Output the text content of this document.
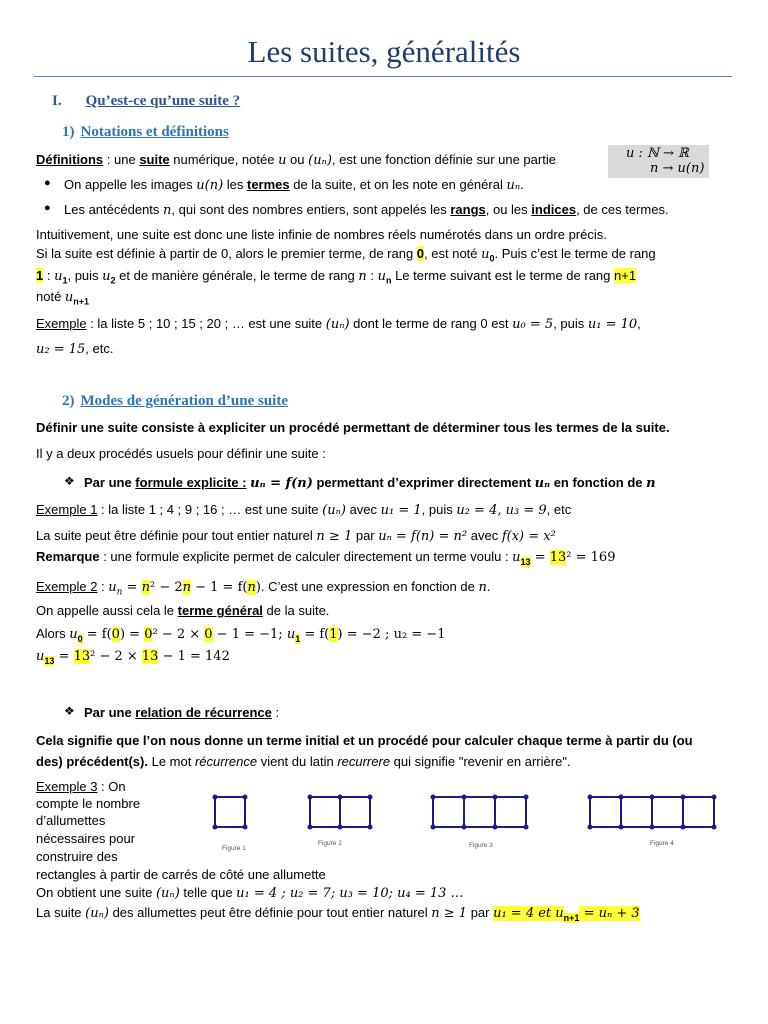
Les suites, généralités
I. Qu’est-ce qu’une suite ?
1) Notations et définitions
Définitions : une suite numérique, notée u ou (uₙ), est une fonction définie sur une partie	u : ℕ → ℝ
n → u(n)
● On appelle les images u(n) les termes de la suite, et on les note en général uₙ.
● Les antécédents n, qui sont des nombres entiers, sont appelés les rangs, ou les indices, de ces termes.
Intuitivement, une suite est donc une liste infinie de nombres réels numérotés dans un ordre précis.
Si la suite est définie à partir de 0, alors le premier terme, de rang 0, est noté $u_0$. Puis c’est le terme de rang
1 : $u_1$, puis $u_2$ et de manière générale, le terme de rang n : $u_n$ Le terme suivant est le terme de rang n+1
noté $u_{n+1}$
Exemple : la liste 5 ; 10 ; 15 ; 20 ; … est une suite (uₙ) dont le terme de rang 0 est u₀ = 5, puis u₁ = 10,
u₂ = 15, etc.
2) Modes de génération d’une suite
Définir une suite consiste à expliciter un procédé permettant de déterminer tous les termes de la suite.
Il y a deux procédés usuels pour définir une suite :
❖ Par une formule explicite : uₙ = f(n) permettant d’exprimer directement uₙ en fonction de n
Exemple 1 : la liste 1 ; 4 ; 9 ; 16 ; … est une suite (uₙ) avec u₁ = 1, puis u₂ = 4, u₃ = 9, etc
La suite peut être définie pour tout entier naturel n ≥ 1 par uₙ = f(n) = n² avec f(x) = x²
Remarque : une formule explicite permet de calculer directement un terme voulu : $u_{13} = 13^2 = 169$
Exemple 2 : $u_n = n^2 - 2n - 1 = f(n)$. C’est une expression en fonction de n.
On appelle aussi cela le terme général de la suite.
Alors $u_0 = f(0) = 0^2 - 2 \times 0 - 1 = -1$; $u_1 = f(1) = -2$ ; u₂ = −1
$u_{13} = 13^2 - 2 \times 13 - 1 = 142$
❖ Par une relation de récurrence :
Cela signifie que l’on nous donne un terme initial et un procédé pour calculer chaque terme à partir du (ou
des) précédent(s). Le mot récurrence vient du latin recurrere qui signifie "revenir en arrière".
Exemple 3 : On
compte le nombre
d’allumettes
nécessaires pour
construire des
rectangles à partir de carrés de côté une allumette
Figure 1
Figure 2	Figure 3	Figure 4
On obtient une suite (uₙ) telle que u₁ = 4 ; u₂ = 7; u₃ = 10; u₄ = 13 …
La suite (uₙ) des allumettes peut être définie pour tout entier naturel n ≥ 1 par u₁ = 4 et $u_{n+1} = u_n + 3$
